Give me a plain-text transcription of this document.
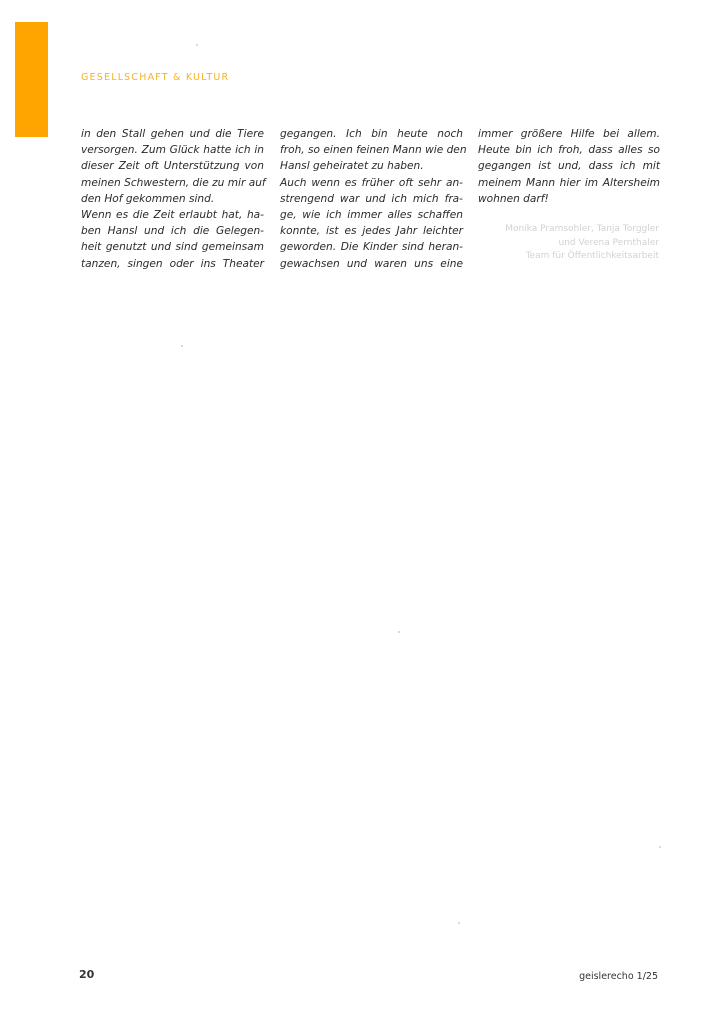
GESELLSCHAFT & KULTUR
in den Stall gehen und die Tiere
versorgen. Zum Glück hatte ich in
dieser Zeit oft Unterstützung von
meinen Schwestern, die zu mir auf
den Hof gekommen sind.
Wenn es die Zeit erlaubt hat, ha-
ben Hansl und ich die Gelegen-
heit genutzt und sind gemeinsam
tanzen, singen oder ins Theater
gegangen. Ich bin heute noch
froh, so einen feinen Mann wie den
Hansl geheiratet zu haben.
Auch wenn es früher oft sehr an-
strengend war und ich mich fra-
ge, wie ich immer alles schaffen
konnte, ist es jedes Jahr leichter
geworden. Die Kinder sind heran-
gewachsen und waren uns eine
immer größere Hilfe bei allem.
Heute bin ich froh, dass alles so
gegangen ist und, dass ich mit
meinem Mann hier im Altersheim
wohnen darf!
Monika Pramsohler, Tanja Torggler
und Verena Pernthaler
Team für Öffentlichkeitsarbeit
20	geislerecho 1/25
